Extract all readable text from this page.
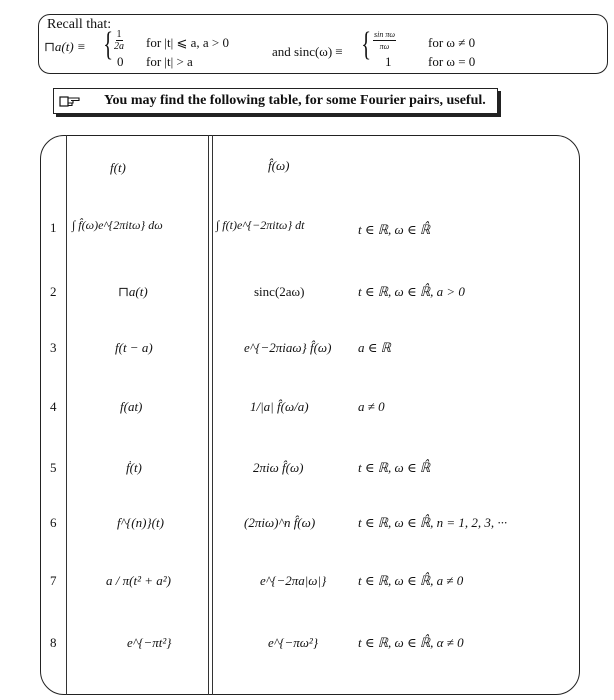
Recall that:
⊓a(t) ≡ { $\frac{1}{2a}$
0
for |t| ⩽ a, a > 0
for |t| > a
and sinc(ω) ≡ { $\frac{\text{sin πω}}{\pi\omega}$
1
for ω ≠ 0
for ω = 0
You may find the following table, for some Fourier pairs, useful.
f(t)	f̂(ω)
1
2
3
4
5
6
7
8
∫ f̂(ω)e^{2πitω} dω
⊓a(t)
f(t − a)
f(at)
ḟ(t)
f^{(n)}(t)
a / π(t² + a²)
e^{−πt²}
∫ f(t)e^{−2πitω} dt
sinc(2aω)
e^{−2πiaω} f̂(ω)
1/|a| f̂(ω/a)
2πiω f̂(ω)
(2πiω)^n f̂(ω)
e^{−2πa|ω|}
e^{−πω²}
t ∈ ℝ, ω ∈ ℝ̂
t ∈ ℝ, ω ∈ ℝ̂, a > 0
a ∈ ℝ
a ≠ 0
t ∈ ℝ, ω ∈ ℝ̂
t ∈ ℝ, ω ∈ ℝ̂, n = 1, 2, 3, ···
t ∈ ℝ, ω ∈ ℝ̂, a ≠ 0
t ∈ ℝ, ω ∈ ℝ̂, α ≠ 0
